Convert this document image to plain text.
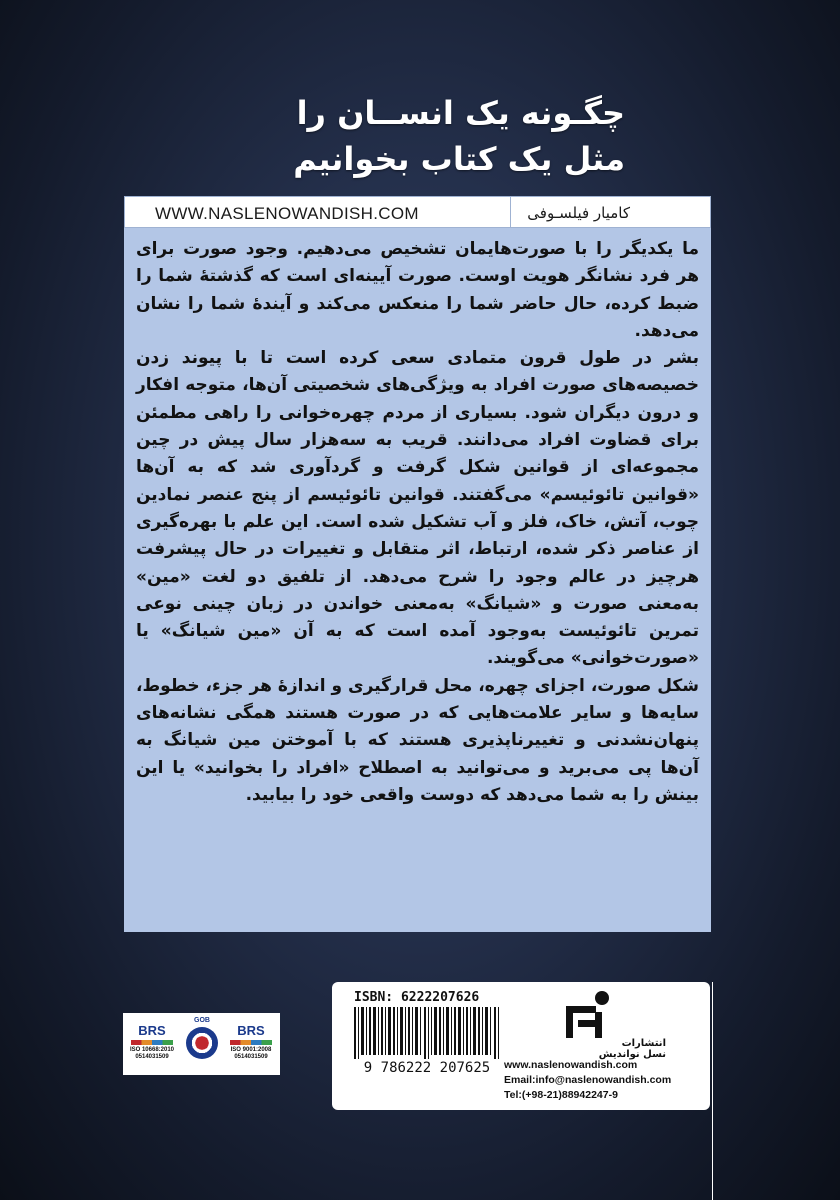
چگـونه یک انســان را
مثل یک کتاب بخوانیم
WWW.NASLENOWANDISH.COM	کامیار فیلسـوفی

ما یکدیگر را با صورت‌هایمان تشخیص می‌دهیم. وجود صورت برای هر فرد نشانگر هویت اوست. صورت آیینه‌ای است که گذشتهٔ شما را ضبط کرده، حال حاضر شما را منعکس می‌کند و آیندهٔ شما را نشان می‌دهد.

بشر در طول قرون متمادی سعی کرده است تا با پیوند زدن خصیصه‌های صورت افراد به ویژگی‌های شخصیتی آن‌ها، متوجه افکار و درون دیگران شود. بسیاری از مردم چهره‌خوانی را راهی مطمئن برای قضاوت افراد می‌دانند. قریب به سه‌هزار سال پیش در چین مجموعه‌ای از قوانین شکل گرفت و گردآوری شد که به آن‌ها «قوانین تائوئیسم» می‌گفتند. قوانین تائوئیسم از پنج عنصر نمادین چوب، آتش، خاک، فلز و آب تشکیل شده است. این علم با بهره‌گیری از عناصر ذکر شده، ارتباط، اثر متقابل و تغییرات در حال پیشرفت هرچیز در عالم وجود را شرح می‌دهد. از تلفیق دو لغت «مین» به‌معنی صورت و «شیانگ» به‌معنی خواندن در زبان چینی نوعی تمرین تائوئیست به‌وجود آمده است که به آن «مین شیانگ» یا «صورت‌خوانی» می‌گویند.

شکل صورت، اجزای چهره، محل قرارگیری و اندازهٔ هر جزء، خطوط، سایه‌ها و سایر علامت‌هایی که در صورت هستند همگی نشانه‌های پنهان‌نشدنی و تغییرناپذیری هستند که با آموختن مین شیانگ به آن‌ها پی می‌برید و می‌توانید به اصطلاح «افراد را بخوانید» یا این بینش را به شما می‌دهد که دوست واقعی خود را بیابید.

BRS
ISO 10668:2010
0514031509
GOB
BRS
ISO 9001:2008
0514031509
ISBN: 6222207626
9 786222 207625
انتشارات نسل نواندیش
www.naslenowandish.com
Email:info@naslenowandish.com
Tel:(+98-21)88942247-9
